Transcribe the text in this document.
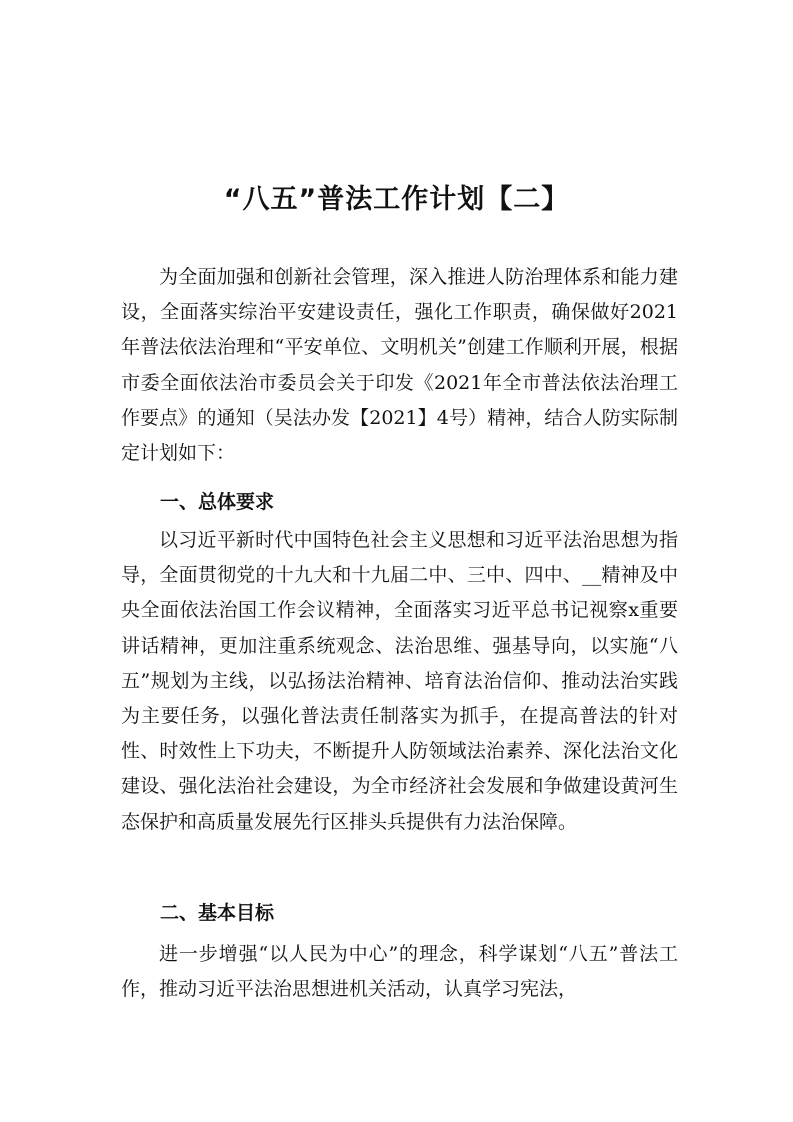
“八五”普法工作计划【二】

为全面加强和创新社会管理，深入推进人防治理体系和能力建设，全面落实综治平安建设责任，强化工作职责，确保做好2021年普法依法治理和“平安单位、文明机关”创建工作顺利开展，根据市委全面依法治市委员会关于印发《2021年全市普法依法治理工作要点》的通知（吴法办发【2021】4号）精神，结合人防实际制定计划如下：

一、总体要求

以习近平新时代中国特色社会主义思想和习近平法治思想为指导，全面贯彻党的十九大和十九届二中、三中、四中、__精神及中央全面依法治国工作会议精神，全面落实习近平总书记视察x重要讲话精神，更加注重系统观念、法治思维、强基导向，以实施“八五”规划为主线，以弘扬法治精神、培育法治信仰、推动法治实践为主要任务，以强化普法责任制落实为抓手，在提高普法的针对性、时效性上下功夫，不断提升人防领域法治素养、深化法治文化建设、强化法治社会建设，为全市经济社会发展和争做建设黄河生态保护和高质量发展先行区排头兵提供有力法治保障。

二、基本目标

进一步增强“以人民为中心”的理念，科学谋划“八五”普法工作，推动习近平法治思想进机关活动，认真学习宪法，
